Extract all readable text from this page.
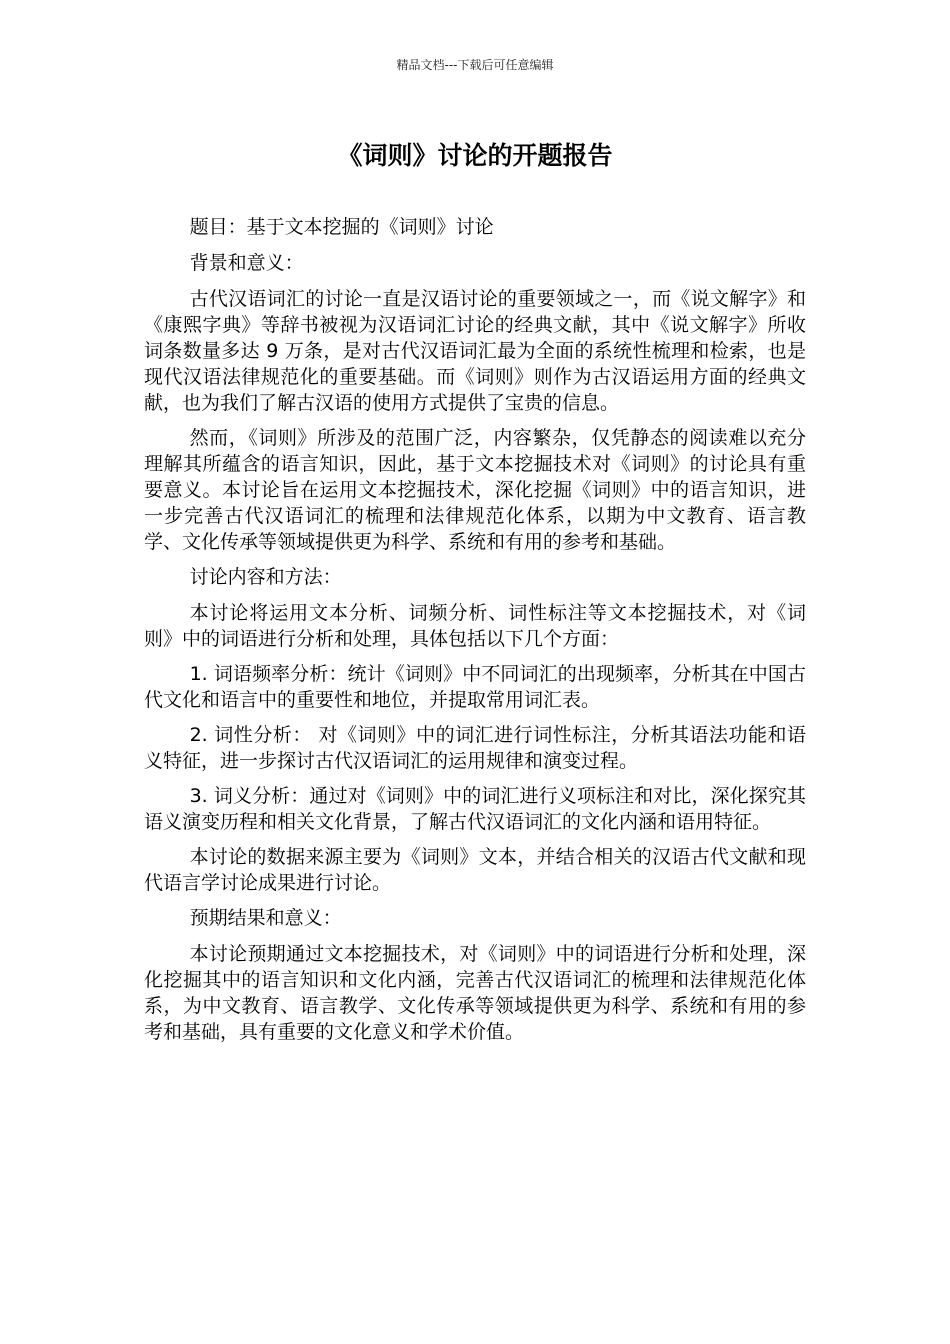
精品文档---下载后可任意编辑
《词则》讨论的开题报告

题目：基于文本挖掘的《词则》讨论

背景和意义：

古代汉语词汇的讨论一直是汉语讨论的重要领域之一，而《说文解字》和《康熙字典》等辞书被视为汉语词汇讨论的经典文献，其中《说文解字》所收词条数量多达 9 万条，是对古代汉语词汇最为全面的系统性梳理和检索，也是现代汉语法律规范化的重要基础。而《词则》则作为古汉语运用方面的经典文献，也为我们了解古汉语的使用方式提供了宝贵的信息。

然而，《词则》所涉及的范围广泛，内容繁杂，仅凭静态的阅读难以充分理解其所蕴含的语言知识，因此，基于文本挖掘技术对《词则》的讨论具有重要意义。本讨论旨在运用文本挖掘技术，深化挖掘《词则》中的语言知识，进一步完善古代汉语词汇的梳理和法律规范化体系，以期为中文教育、语言教学、文化传承等领域提供更为科学、系统和有用的参考和基础。

讨论内容和方法：

本讨论将运用文本分析、词频分析、词性标注等文本挖掘技术，对《词则》中的词语进行分析和处理，具体包括以下几个方面：

1. 词语频率分析：统计《词则》中不同词汇的出现频率，分析其在中国古代文化和语言中的重要性和地位，并提取常用词汇表。

2. 词性分析： 对《词则》中的词汇进行词性标注，分析其语法功能和语义特征，进一步探讨古代汉语词汇的运用规律和演变过程。

3. 词义分析：通过对《词则》中的词汇进行义项标注和对比，深化探究其语义演变历程和相关文化背景，了解古代汉语词汇的文化内涵和语用特征。

本讨论的数据来源主要为《词则》文本，并结合相关的汉语古代文献和现代语言学讨论成果进行讨论。

预期结果和意义：

本讨论预期通过文本挖掘技术，对《词则》中的词语进行分析和处理，深化挖掘其中的语言知识和文化内涵，完善古代汉语词汇的梳理和法律规范化体系，为中文教育、语言教学、文化传承等领域提供更为科学、系统和有用的参考和基础，具有重要的文化意义和学术价值。
